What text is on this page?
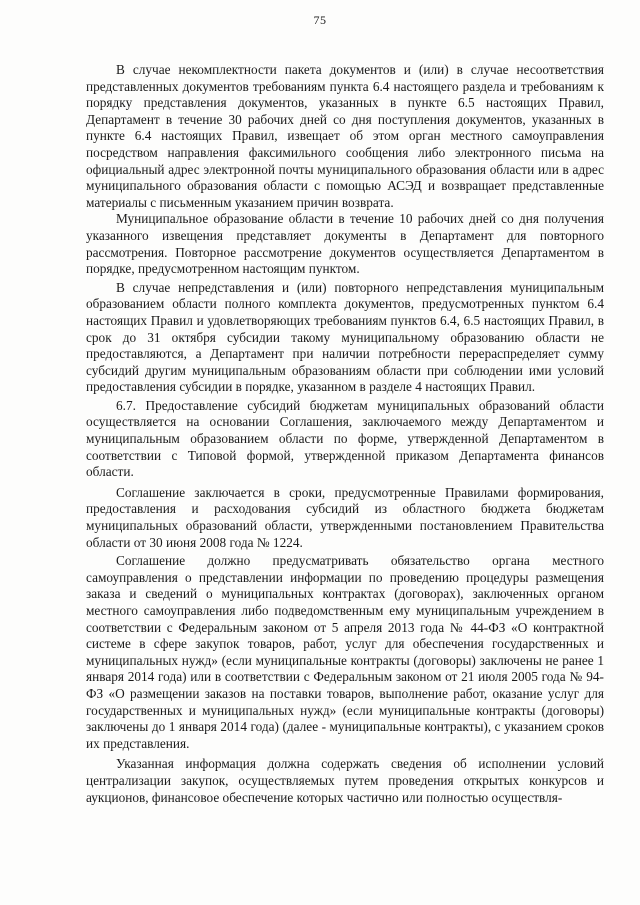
75

В случае некомплектности пакета документов и (или) в случае несоответствия представленных документов требованиям пункта 6.4 настоящего раздела и требованиям к порядку представления документов, указанных в пункте 6.5 настоящих Правил, Департамент в течение 30 рабочих дней со дня поступления документов, указанных в пункте 6.4 настоящих Правил, извещает об этом орган местного самоуправления посредством направления факсимильного сообщения либо электронного письма на официальный адрес электронной почты муниципального образования области или в адрес муниципального образования области с помощью АСЭД и возвращает представленные материалы с письменным указанием причин возврата.

Муниципальное образование области в течение 10 рабочих дней со дня получения указанного извещения представляет документы в Департамент для повторного рассмотрения. Повторное рассмотрение документов осуществляется Департаментом в порядке, предусмотренном настоящим пунктом.

В случае непредставления и (или) повторного непредставления муниципальным образованием области полного комплекта документов, предусмотренных пунктом 6.4 настоящих Правил и удовлетворяющих требованиям пунктов 6.4, 6.5 настоящих Правил, в срок до 31 октября субсидии такому муниципальному образованию области не предоставляются, а Департамент при наличии потребности перераспределяет сумму субсидий другим муниципальным образованиям области при соблюдении ими условий предоставления субсидии в порядке, указанном в разделе 4 настоящих Правил.

6.7. Предоставление субсидий бюджетам муниципальных образований области осуществляется на основании Соглашения, заключаемого между Департаментом и муниципальным образованием области по форме, утвержденной Департаментом в соответствии с Типовой формой, утвержденной приказом Департамента финансов области.

Соглашение заключается в сроки, предусмотренные Правилами формирования, предоставления и расходования субсидий из областного бюджета бюджетам муниципальных образований области, утвержденными постановлением Правительства области от 30 июня 2008 года № 1224.

Соглашение должно предусматривать обязательство органа местного самоуправления о представлении информации по проведению процедуры размещения заказа и сведений о муниципальных контрактах (договорах), заключенных органом местного самоуправления либо подведомственным ему муниципальным учреждением в соответствии с Федеральным законом от 5 апреля 2013 года № 44-ФЗ «О контрактной системе в сфере закупок товаров, работ, услуг для обеспечения государственных и муниципальных нужд» (если муниципальные контракты (договоры) заключены не ранее 1 января 2014 года) или в соответствии с Федеральным законом от 21 июля 2005 года № 94-ФЗ «О размещении заказов на поставки товаров, выполнение работ, оказание услуг для государственных и муниципальных нужд» (если муниципальные контракты (договоры) заключены до 1 января 2014 года) (далее - муниципальные контракты), с указанием сроков их представления.

Указанная информация должна содержать сведения об исполнении условий централизации закупок, осуществляемых путем проведения открытых конкурсов и аукционов, финансовое обеспечение которых частично или полностью осуществля-
